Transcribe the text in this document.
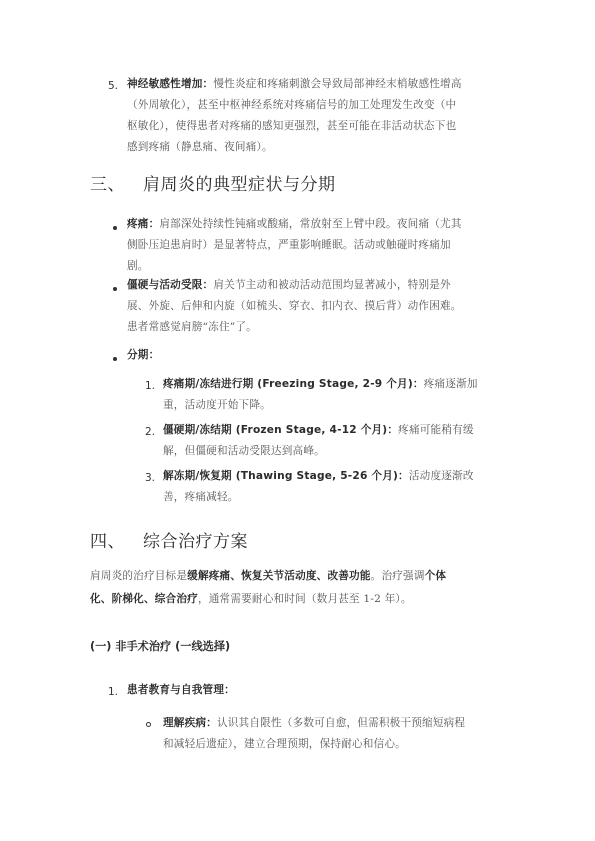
5. 神经敏感性增加：慢性炎症和疼痛刺激会导致局部神经末梢敏感性增高
（外周敏化），甚至中枢神经系统对疼痛信号的加工处理发生改变（中
枢敏化），使得患者对疼痛的感知更强烈，甚至可能在非活动状态下也
感到疼痛（静息痛、夜间痛）。
三、 肩周炎的典型症状与分期
疼痛：肩部深处持续性钝痛或酸痛，常放射至上臂中段。夜间痛（尤其
侧卧压迫患肩时）是显著特点，严重影响睡眠。活动或触碰时疼痛加
剧。
僵硬与活动受限：肩关节主动和被动活动范围均显著减小，特别是外
展、外旋、后伸和内旋（如梳头、穿衣、扣内衣、摸后背）动作困难。
患者常感觉肩膀“冻住”了。
分期：
1. 疼痛期/冻结进行期 (Freezing Stage, 2-9 个月)：疼痛逐渐加
重，活动度开始下降。
2. 僵硬期/冻结期 (Frozen Stage, 4-12 个月)：疼痛可能稍有缓
解，但僵硬和活动受限达到高峰。
3. 解冻期/恢复期 (Thawing Stage, 5-26 个月)：活动度逐渐改
善，疼痛减轻。
四、 综合治疗方案
肩周炎的治疗目标是缓解疼痛、恢复关节活动度、改善功能。治疗强调个体
化、阶梯化、综合治疗，通常需要耐心和时间（数月甚至 1-2 年）。
(一) 非手术治疗 (一线选择)
1. 患者教育与自我管理：
理解疾病：认识其自限性（多数可自愈，但需积极干预缩短病程
和减轻后遗症），建立合理预期，保持耐心和信心。
